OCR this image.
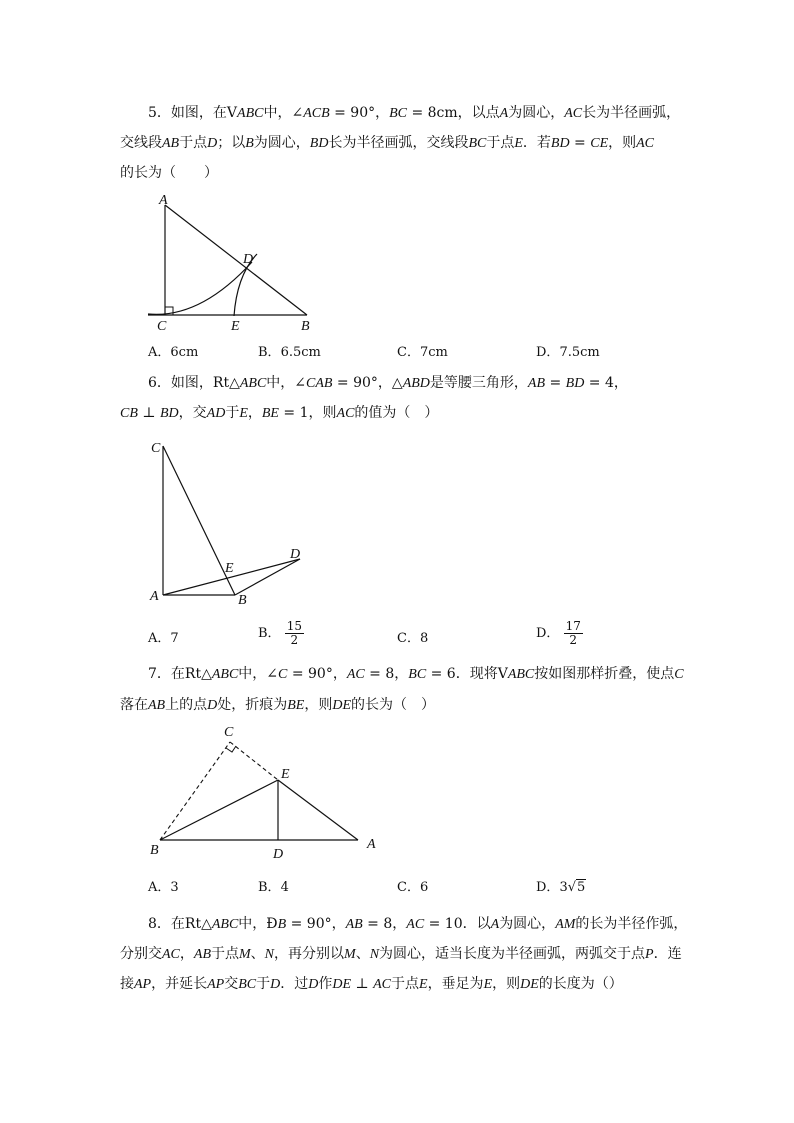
5．如图，在VABC中，∠ACB = 90°，BC = 8cm，以点A为圆心，AC长为半径画弧，
交线段AB于点D；以B为圆心，BD长为半径画弧，交线段BC于点E．若BD = CE，则AC
的长为（　　）
A
D
C	E	B
A．6cm	B．6.5cm	C．7cm	D．7.5cm
6．如图，Rt△ABC中，∠CAB = 90°，△ABD是等腰三角形，AB = BD = 4，
CB ⊥ BD，交AD于E，BE = 1，则AC的值为（　）
C
D
E
A	B
A．7	B． $\frac{15}{2}$	C．8	D． $\frac{17}{2}$
7．在Rt△ABC中，∠C = 90°，AC = 8，BC = 6．现将VABC按如图那样折叠，使点C
落在AB上的点D处，折痕为BE，则DE的长为（　）
C
E
B	D
A
A．3	B．4	C．6	D．3√5
8．在Rt△ABC中，ÐB = 90°，AB = 8，AC = 10．以A为圆心，AM的长为半径作弧，
分别交AC，AB于点M、N，再分别以M、N为圆心，适当长度为半径画弧，两弧交于点P．连
接AP，并延长AP交BC于D．过D作DE ⊥ AC于点E，垂足为E，则DE的长度为（）
